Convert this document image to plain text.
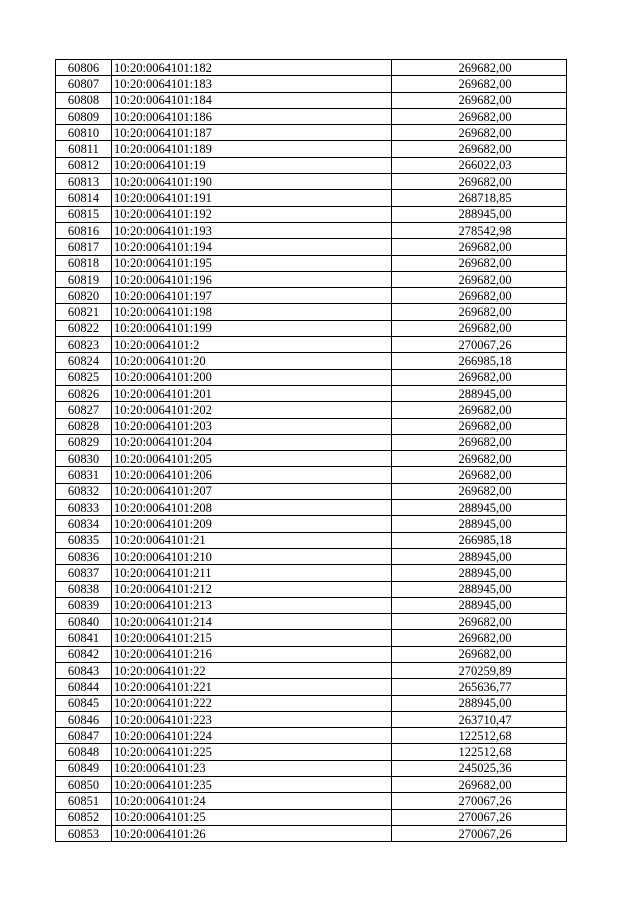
60806	10:20:0064101:182	269682,00
60807	10:20:0064101:183	269682,00
60808	10:20:0064101:184	269682,00
60809	10:20:0064101:186	269682,00
60810	10:20:0064101:187	269682,00
60811	10:20:0064101:189	269682,00
60812	10:20:0064101:19	266022,03
60813	10:20:0064101:190	269682,00
60814	10:20:0064101:191	268718,85
60815	10:20:0064101:192	288945,00
60816	10:20:0064101:193	278542,98
60817	10:20:0064101:194	269682,00
60818	10:20:0064101:195	269682,00
60819	10:20:0064101:196	269682,00
60820	10:20:0064101:197	269682,00
60821	10:20:0064101:198	269682,00
60822	10:20:0064101:199	269682,00
60823	10:20:0064101:2	270067,26
60824	10:20:0064101:20	266985,18
60825	10:20:0064101:200	269682,00
60826	10:20:0064101:201	288945,00
60827	10:20:0064101:202	269682,00
60828	10:20:0064101:203	269682,00
60829	10:20:0064101:204	269682,00
60830	10:20:0064101:205	269682,00
60831	10:20:0064101:206	269682,00
60832	10:20:0064101:207	269682,00
60833	10:20:0064101:208	288945,00
60834	10:20:0064101:209	288945,00
60835	10:20:0064101:21	266985,18
60836	10:20:0064101:210	288945,00
60837	10:20:0064101:211	288945,00
60838	10:20:0064101:212	288945,00
60839	10:20:0064101:213	288945,00
60840	10:20:0064101:214	269682,00
60841	10:20:0064101:215	269682,00
60842	10:20:0064101:216	269682,00
60843	10:20:0064101:22	270259,89
60844	10:20:0064101:221	265636,77
60845	10:20:0064101:222	288945,00
60846	10:20:0064101:223	263710,47
60847	10:20:0064101:224	122512,68
60848	10:20:0064101:225	122512,68
60849	10:20:0064101:23	245025,36
60850	10:20:0064101:235	269682,00
60851	10:20:0064101:24	270067,26
60852	10:20:0064101:25	270067,26
60853	10:20:0064101:26	270067,26
